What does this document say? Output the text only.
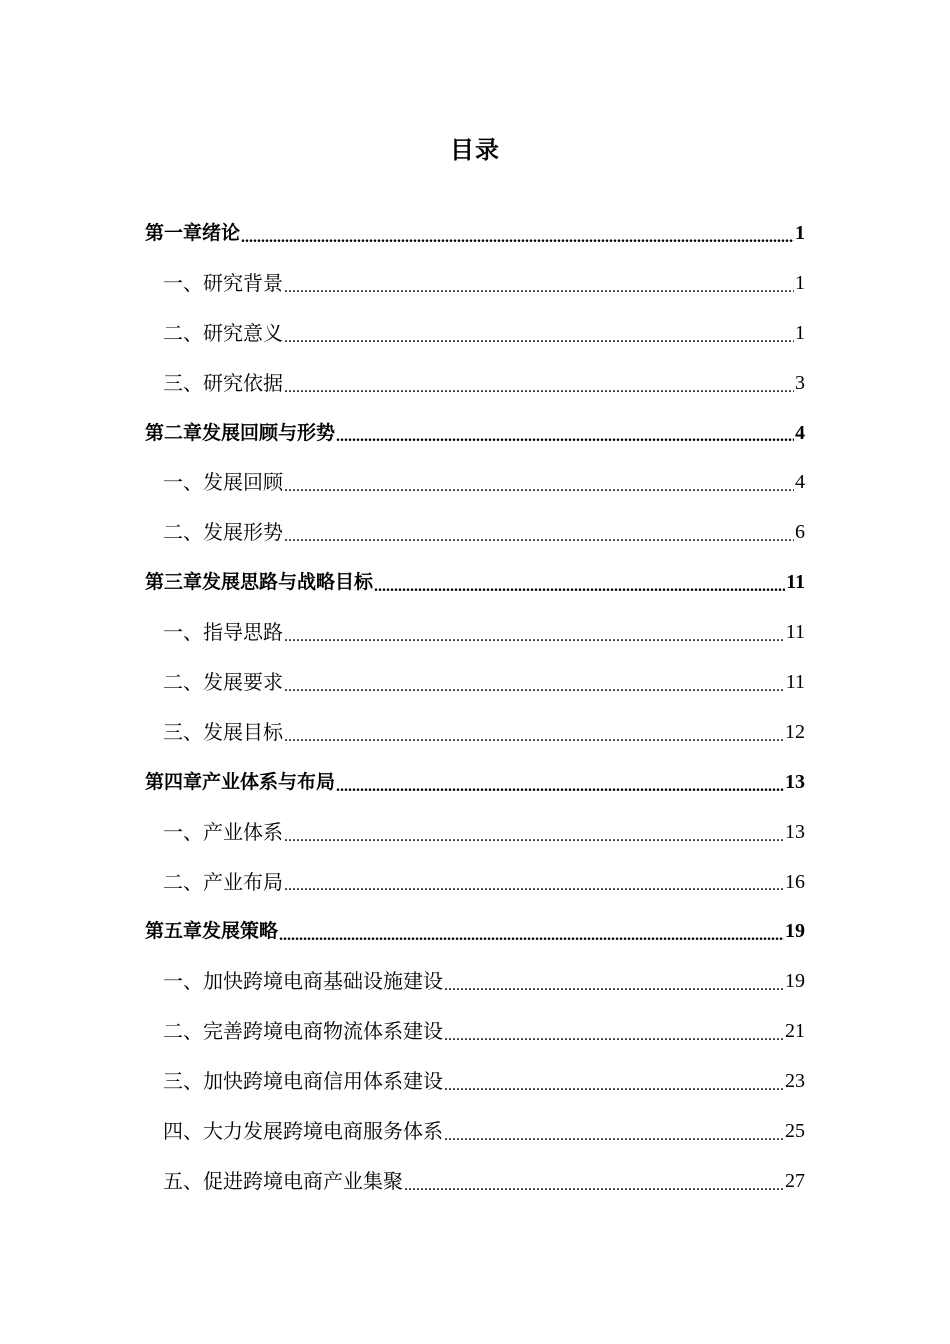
目录
第一章绪论 .....	1
一、研究背景 .....	1
二、研究意义 .....	1
三、研究依据 .....	3
第二章发展回顾与形势 .....	4
一、发展回顾 .....	4
二、发展形势 .....	6
第三章发展思路与战略目标 .....	11
一、指导思路 .....	11
二、发展要求 .....	11
三、发展目标 .....	12
第四章产业体系与布局 .....	13
一、产业体系 .....	13
二、产业布局 .....	16
第五章发展策略 .....	19
一、加快跨境电商基础设施建设 .....	19
二、完善跨境电商物流体系建设 .....	21
三、加快跨境电商信用体系建设 .....	23
四、大力发展跨境电商服务体系 .....	25
五、促进跨境电商产业集聚 .....	27
